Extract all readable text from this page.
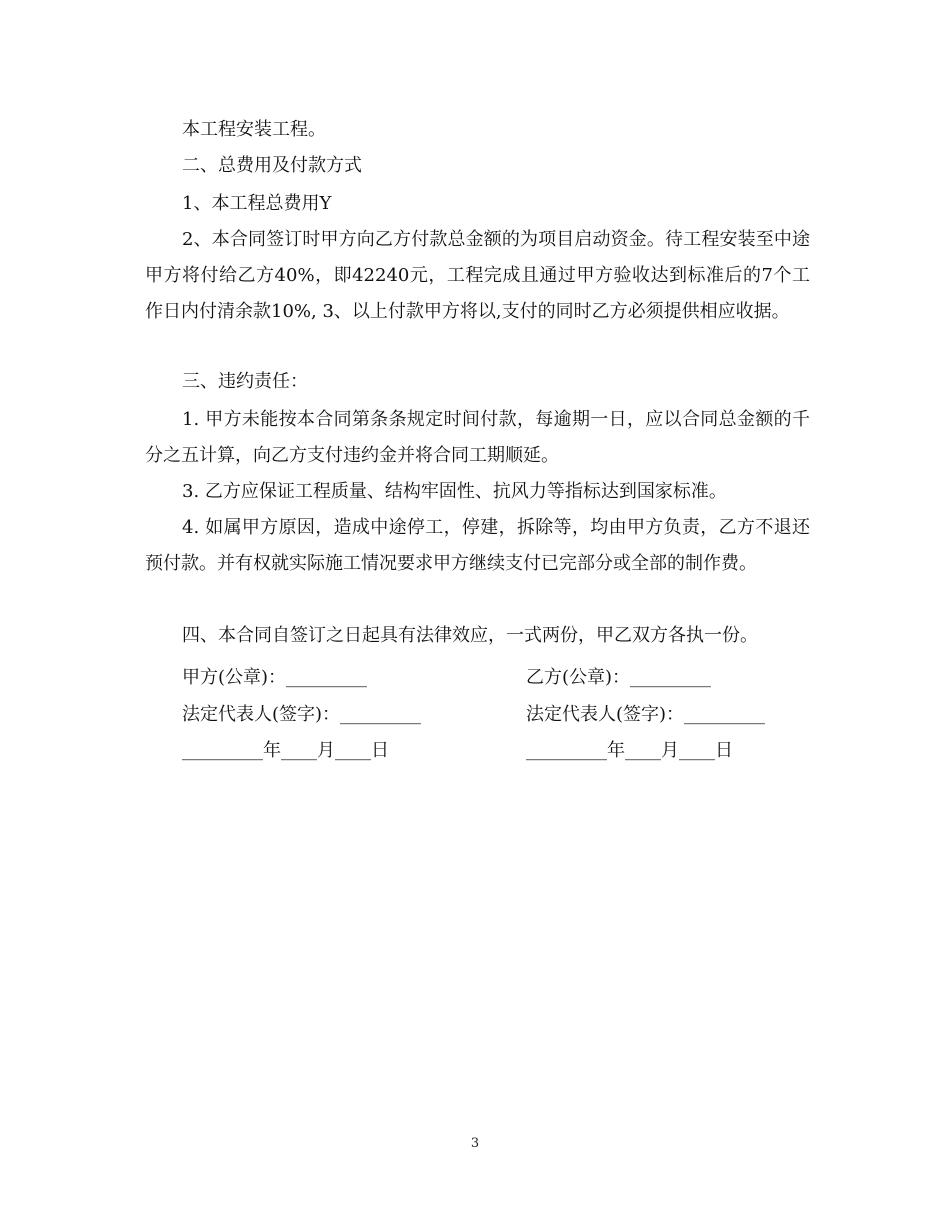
本工程安装工程。

二、总费用及付款方式

1、本工程总费用Y

2、本合同签订时甲方向乙方付款总金额的为项目启动资金。待工程安装至中途甲方将付给乙方40%，即42240元，工程完成且通过甲方验收达到标准后的7个工作日内付清余款10%, 3、以上付款甲方将以,支付的同时乙方必须提供相应收据。

三、违约责任：

1. 甲方未能按本合同第条条规定时间付款，每逾期一日，应以合同总金额的千分之五计算，向乙方支付违约金并将合同工期顺延。

3. 乙方应保证工程质量、结构牢固性、抗风力等指标达到国家标准。

4. 如属甲方原因，造成中途停工，停建，拆除等，均由甲方负责，乙方不退还预付款。并有权就实际施工情况要求甲方继续支付已完部分或全部的制作费。

四、本合同自签订之日起具有法律效应，一式两份，甲乙双方各执一份。

甲方(公章)：_________	乙方(公章)：_________
法定代表人(签字)：_________	法定代表人(签字)：_________
_________年____月____日	_________年____月____日
3
